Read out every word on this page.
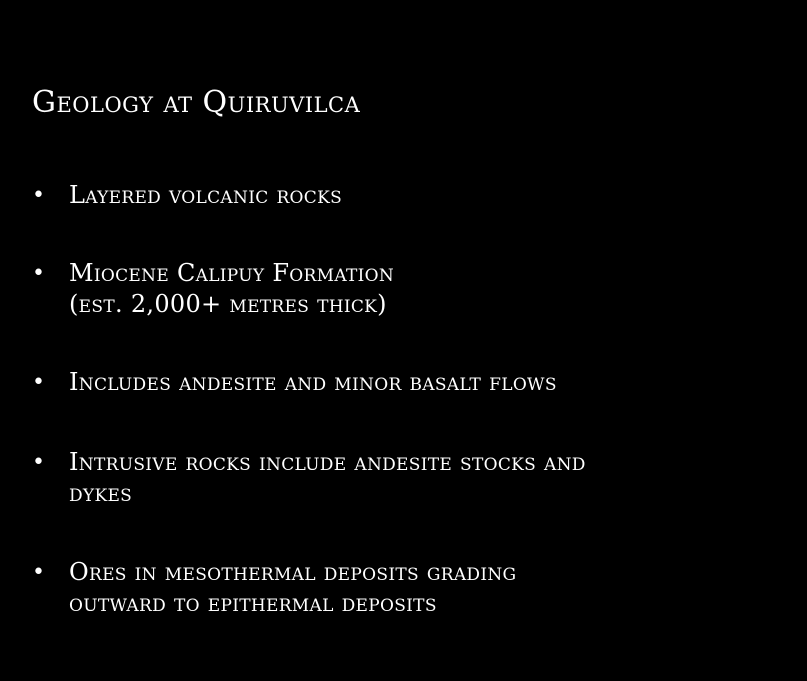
Geology at Quiruvilca
•	Layered volcanic rocks
•	Miocene Calipuy Formation
(est. 2,000+ metres thick)
•	Includes andesite and minor basalt flows
•	Intrusive rocks include andesite stocks and
dykes
•	Ores in mesothermal deposits grading
outward to epithermal deposits
